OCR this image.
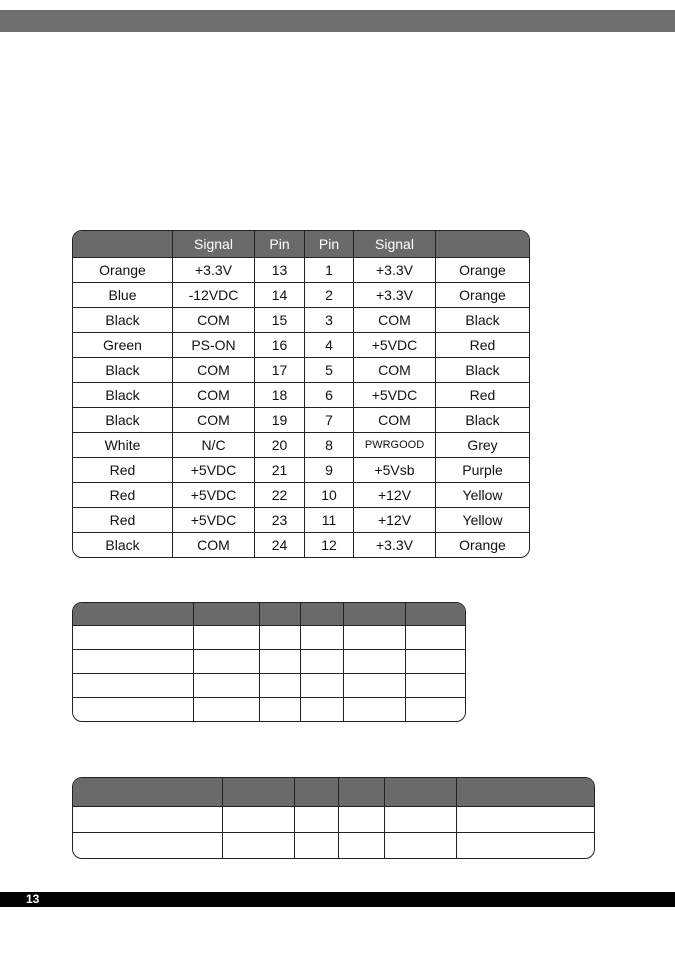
	Signal	Pin	Pin	Signal	
Orange	+3.3V	13	1	+3.3V	Orange
Blue	-12VDC	14	2	+3.3V	Orange
Black	COM	15	3	COM	Black
Green	PS-ON	16	4	+5VDC	Red
Black	COM	17	5	COM	Black
Black	COM	18	6	+5VDC	Red
Black	COM	19	7	COM	Black
White	N/C	20	8	PWRGOOD	Grey
Red	+5VDC	21	9	+5Vsb	Purple
Red	+5VDC	22	10	+12V	Yellow
Red	+5VDC	23	11	+12V	Yellow
Black	COM	24	12	+3.3V	Orange

13
